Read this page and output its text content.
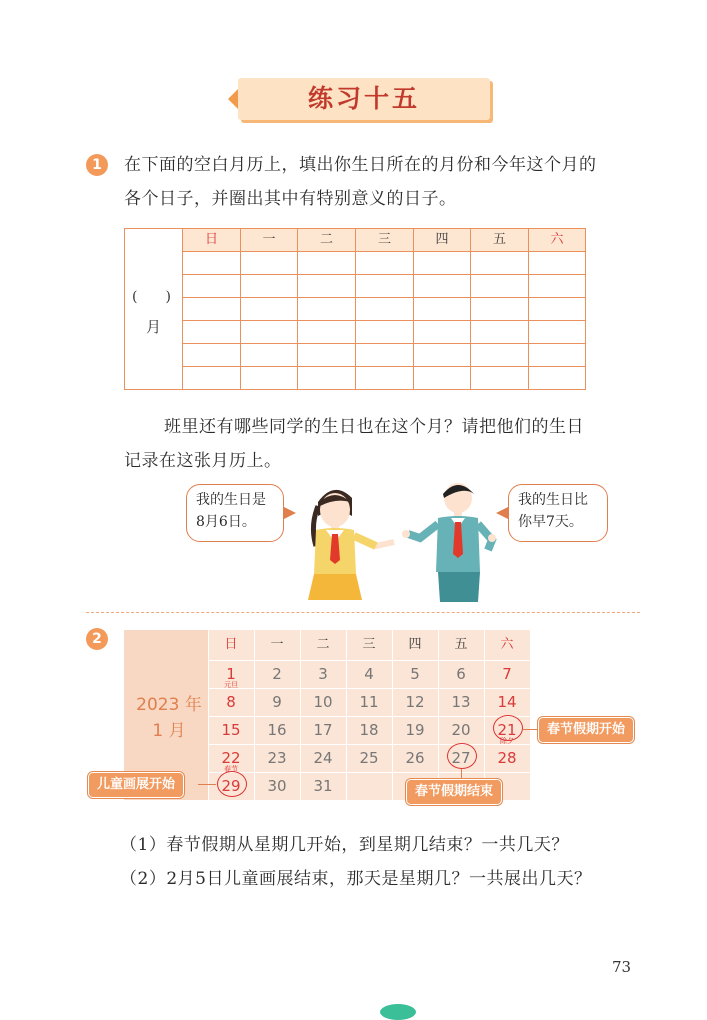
练习十五
1	在下面的空白月历上，填出你生日所在的月份和今年这个月的
各个日子，并圈出其中有特别意义的日子。
日	一	二	三	四	五	六
(　　)
月
班里还有哪些同学的生日也在这个月？请把他们的生日
记录在这张月历上。
我的生日是
8月6日。
我的生日比
你早7天。
2	日	一	二	三	四	五	六
1	2	3	4	5	6	7
8	9	10	11	12	13	14
15	16	17	18	19	20	21
22	23	24	25	26	27	28
29	30	31
元旦
除夕
春节
2023 年
1 月	春节假期开始
儿童画展开始	春节假期结束
（1）春节假期从星期几开始，到星期几结束？一共几天？
（2）2月5日儿童画展结束，那天是星期几？一共展出几天？
73
